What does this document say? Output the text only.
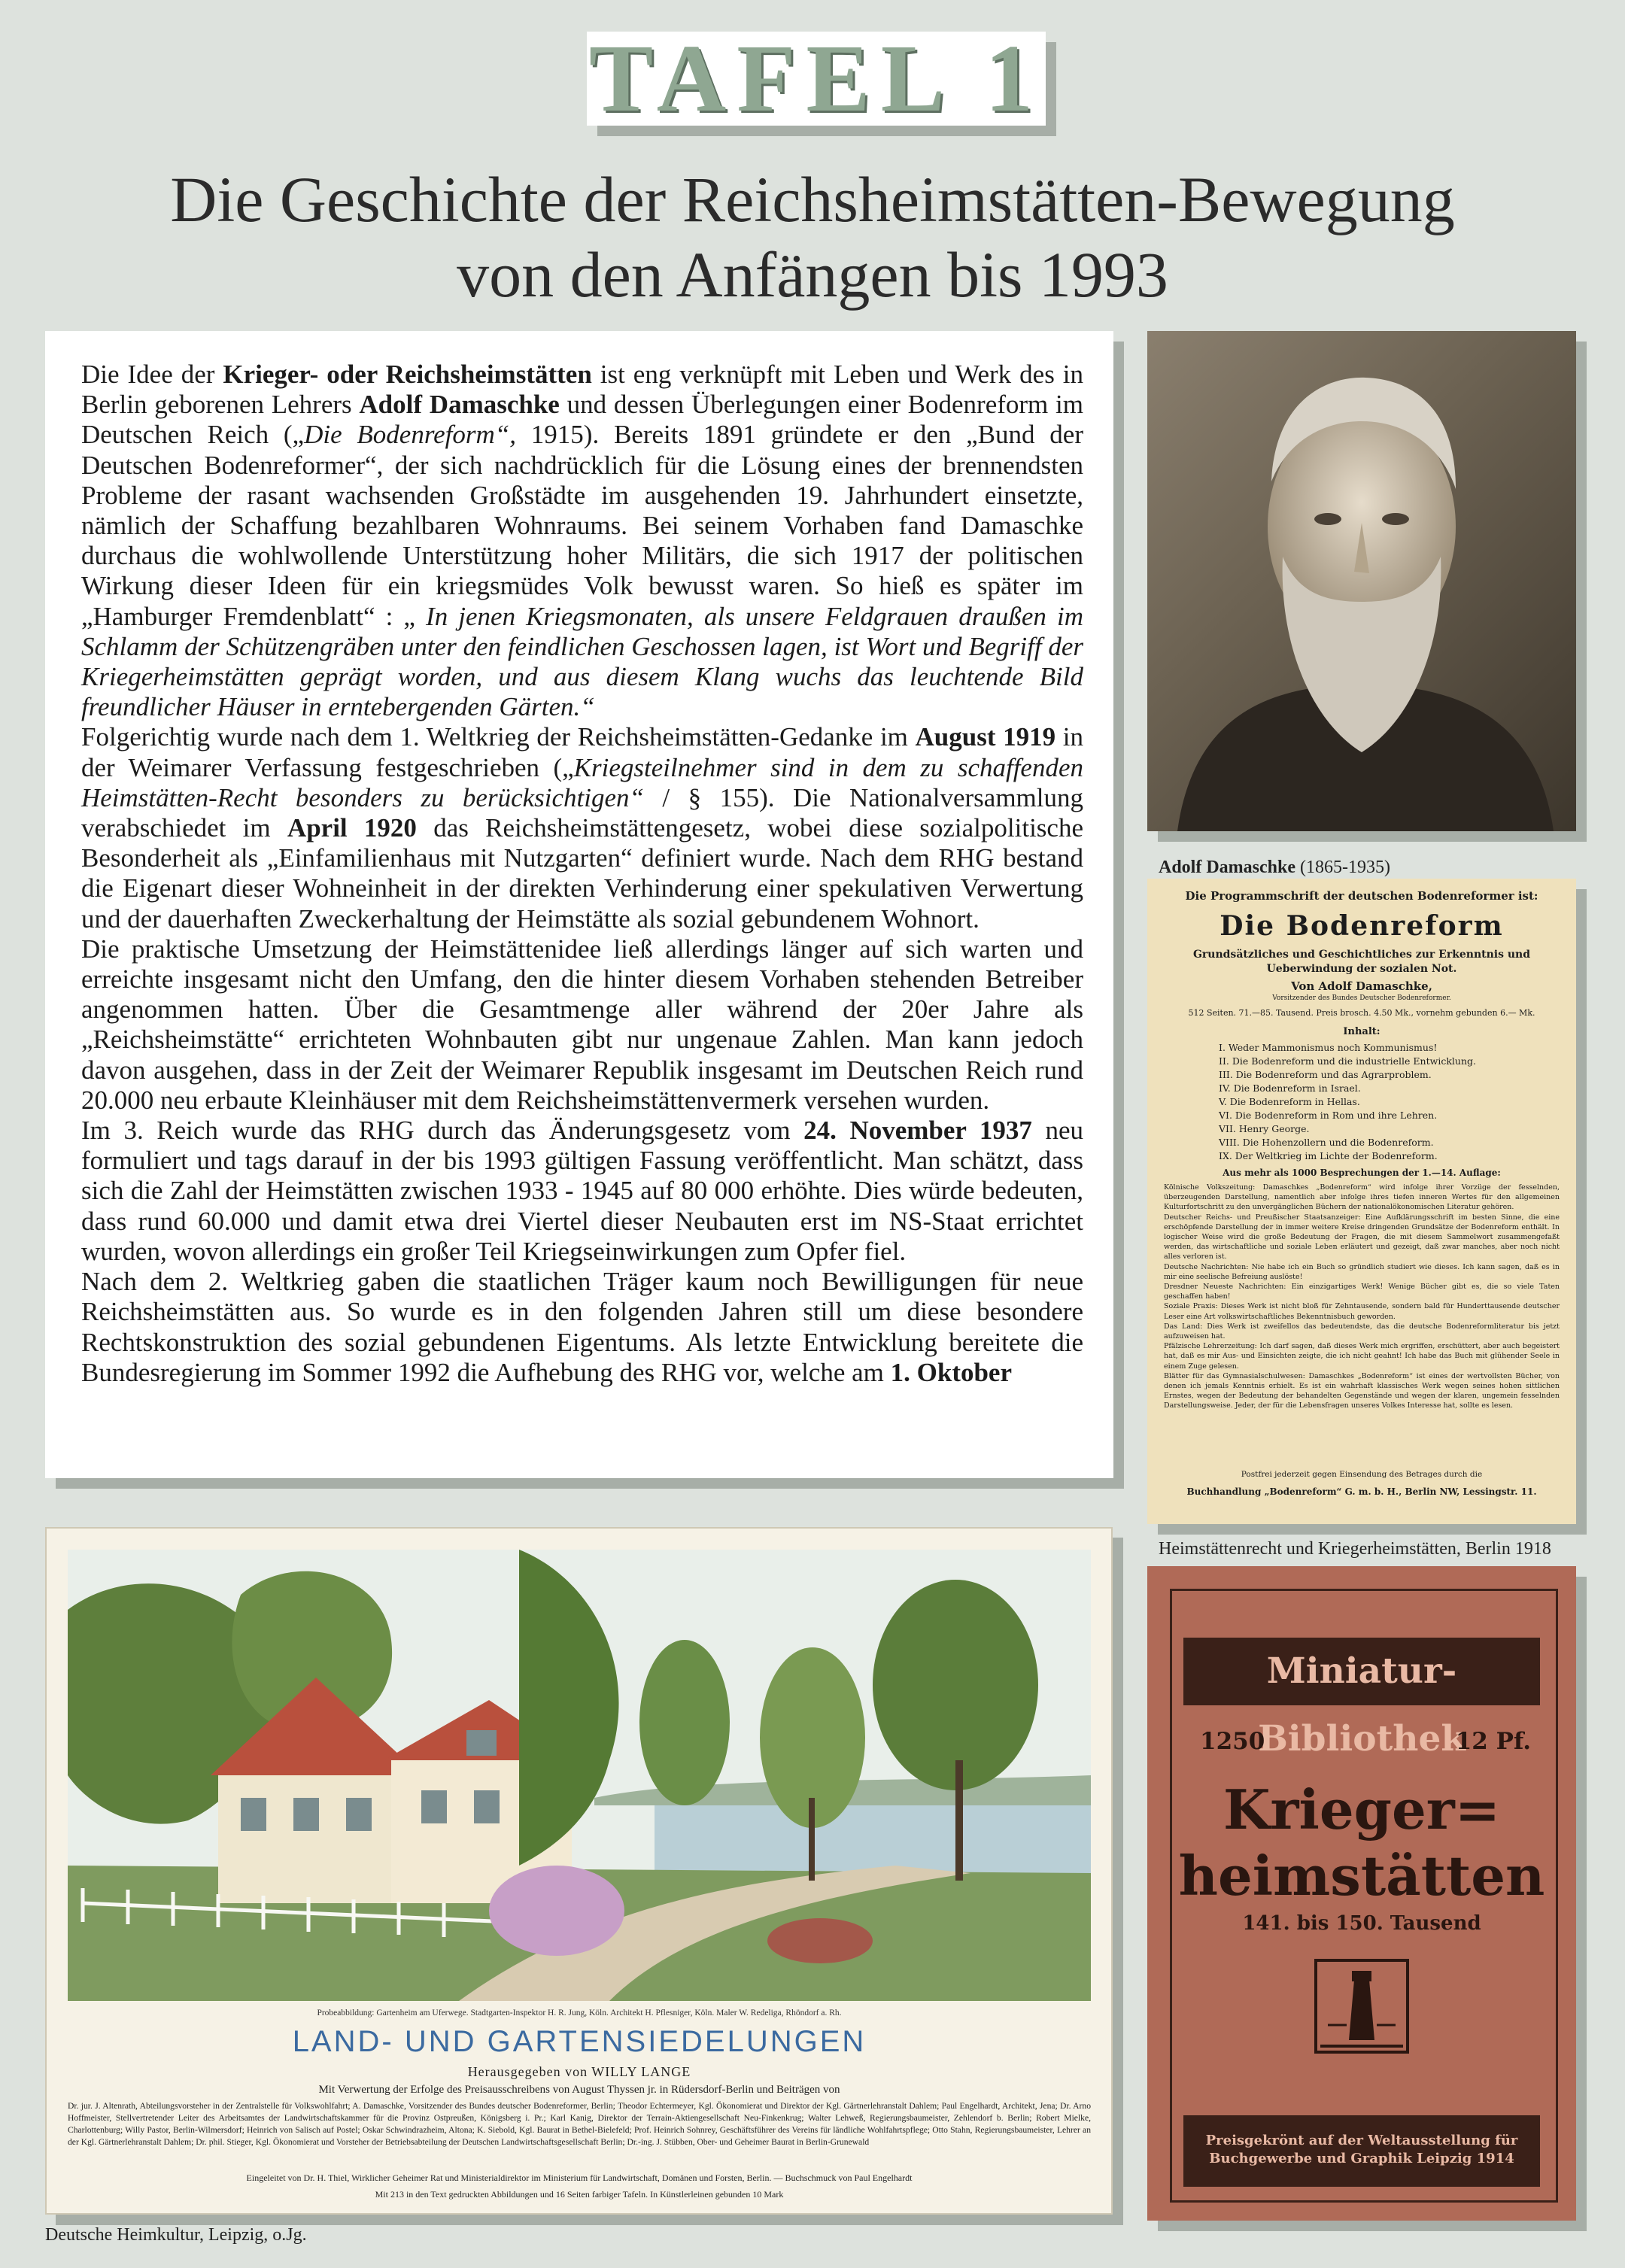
TAFEL 1
Die Geschichte der Reichsheimstätten-Bewegung
von den Anfängen bis 1993

Die Idee der Krieger- oder Reichsheimstätten ist eng verknüpft mit Leben und Werk des in Berlin geborenen Lehrers Adolf Damaschke und dessen Überlegungen einer Bodenreform im Deutschen Reich („Die Bodenreform“, 1915). Bereits 1891 gründete er den „Bund der Deutschen Bodenreformer“, der sich nachdrücklich für die Lösung eines der brennendsten Probleme der rasant wachsenden Großstädte im ausgehenden 19. Jahrhundert einsetzte, nämlich der Schaffung bezahlbaren Wohnraums. Bei seinem Vorhaben fand Damaschke durchaus die wohlwollende Unterstützung hoher Militärs, die sich 1917 der politischen Wirkung dieser Ideen für ein kriegsmüdes Volk bewusst waren. So hieß es später im „Hamburger Fremdenblatt“ : „ In jenen Kriegsmonaten, als unsere Feldgrauen draußen im Schlamm der Schützengräben unter den feindlichen Geschossen lagen, ist Wort und Begriff der Kriegerheimstätten geprägt worden, und aus diesem Klang wuchs das leuchtende Bild freundlicher Häuser in erntebergenden Gärten.“

Folgerichtig wurde nach dem 1. Weltkrieg der Reichsheimstätten-Gedanke im August 1919 in der Weimarer Verfassung festgeschrieben („Kriegsteilnehmer sind in dem zu schaffenden Heimstätten-Recht besonders zu berücksichtigen“ / § 155). Die Nationalversammlung verabschiedet im April 1920 das Reichsheimstättengesetz, wobei diese sozialpolitische Besonderheit als „Einfamilienhaus mit Nutzgarten“ definiert wurde. Nach dem RHG bestand die Eigenart dieser Wohneinheit in der direkten Verhinderung einer spekulativen Verwertung und der dauerhaften Zweckerhaltung der Heimstätte als sozial gebundenem Wohnort.

Die praktische Umsetzung der Heimstättenidee ließ allerdings länger auf sich warten und erreichte insgesamt nicht den Umfang, den die hinter diesem Vorhaben stehenden Betreiber angenommen hatten. Über die Gesamtmenge aller während der 20er Jahre als „Reichsheimstätte“ errichteten Wohnbauten gibt nur ungenaue Zahlen. Man kann jedoch davon ausgehen, dass in der Zeit der Weimarer Republik insgesamt im Deutschen Reich rund 20.000 neu erbaute Kleinhäuser mit dem Reichsheimstättenvermerk versehen wurden.

Im 3. Reich wurde das RHG durch das Änderungsgesetz vom 24. November 1937 neu formuliert und tags darauf in der bis 1993 gültigen Fassung veröffentlicht. Man schätzt, dass sich die Zahl der Heimstätten zwischen 1933 - 1945 auf 80 000 erhöhte. Dies würde bedeuten, dass rund 60.000 und damit etwa drei Viertel dieser Neubauten erst im NS-Staat errichtet wurden, wovon allerdings ein großer Teil Kriegseinwirkungen zum Opfer fiel.

Nach dem 2. Weltkrieg gaben die staatlichen Träger kaum noch Bewilligungen für neue Reichsheimstätten aus. So wurde es in den folgenden Jahren still um diese besondere Rechtskonstruktion des sozial gebundenen Eigentums. Als letzte Entwicklung bereitete die Bundesregierung im Sommer 1992 die Aufhebung des RHG vor, welche am 1. Oktober

Adolf Damaschke (1865-1935)
Die Programmschrift der deutschen Bodenreformer ist:
Die Bodenreform
Grundsätzliches und Geschichtliches zur Erkenntnis und Ueberwindung der sozialen Not.
Von Adolf Damaschke,
Vorsitzender des Bundes Deutscher Bodenreformer.
512 Seiten. 71.—85. Tausend. Preis brosch. 4.50 Mk., vornehm gebunden 6.— Mk.
Inhalt:
I. Weder Mammonismus noch Kommunismus!
II. Die Bodenreform und die industrielle Entwicklung.
III. Die Bodenreform und das Agrarproblem.
IV. Die Bodenreform in Israel.
V. Die Bodenreform in Hellas.
VI. Die Bodenreform in Rom und ihre Lehren.
VII. Henry George.
VIII. Die Hohenzollern und die Bodenreform.
IX. Der Weltkrieg im Lichte der Bodenreform.
Aus mehr als 1000 Besprechungen der 1.—14. Auflage:
Kölnische Volkszeitung: Damaschkes „Bodenreform“ wird infolge ihrer Vorzüge der fesselnden, überzeugenden Darstellung, namentlich aber infolge ihres tiefen inneren Wertes für den allgemeinen Kulturfortschritt zu den unvergänglichen Büchern der nationalökonomischen Literatur gehören.
Deutscher Reichs- und Preußischer Staatsanzeiger: Eine Aufklärungsschrift im besten Sinne, die eine erschöpfende Darstellung der in immer weitere Kreise dringenden Grundsätze der Bodenreform enthält. In logischer Weise wird die große Bedeutung der Fragen, die mit diesem Sammelwort zusammengefaßt werden, das wirtschaftliche und soziale Leben erläutert und gezeigt, daß zwar manches, aber noch nicht alles verloren ist.
Deutsche Nachrichten: Nie habe ich ein Buch so gründlich studiert wie dieses. Ich kann sagen, daß es in mir eine seelische Befreiung auslöste!
Dresdner Neueste Nachrichten: Ein einzigartiges Werk! Wenige Bücher gibt es, die so viele Taten geschaffen haben!
Soziale Praxis: Dieses Werk ist nicht bloß für Zehntausende, sondern bald für Hunderttausende deutscher Leser eine Art volkswirtschaftliches Bekenntnisbuch geworden.
Das Land: Dies Werk ist zweifellos das bedeutendste, das die deutsche Bodenreformliteratur bis jetzt aufzuweisen hat.
Pfälzische Lehrerzeitung: Ich darf sagen, daß dieses Werk mich ergriffen, erschüttert, aber auch begeistert hat, daß es mir Aus- und Einsichten zeigte, die ich nicht geahnt! Ich habe das Buch mit glühender Seele in einem Zuge gelesen.
Blätter für das Gymnasialschulwesen: Damaschkes „Bodenreform“ ist eines der wertvollsten Bücher, von denen ich jemals Kenntnis erhielt. Es ist ein wahrhaft klassisches Werk wegen seines hohen sittlichen Ernstes, wegen der Bedeutung der behandelten Gegenstände und wegen der klaren, ungemein fesselnden Darstellungsweise. Jeder, der für die Lebensfragen unseres Volkes Interesse hat, sollte es lesen.
Postfrei jederzeit gegen Einsendung des Betrages durch die
Buchhandlung „Bodenreform“ G. m. b. H., Berlin NW, Lessingstr. 11.
Heimstättenrecht und Kriegerheimstätten, Berlin 1918
Miniatur-Bibliothek
1250	12 Pf.
Krieger=
heimstätten
141. bis 150. Tausend
Preisgekrönt auf der Weltausstellung für Buchgewerbe und Graphik Leipzig 1914
Probeabbildung: Gartenheim am Uferwege. Stadtgarten-Inspektor H. R. Jung, Köln. Architekt H. Pflesniger, Köln. Maler W. Redeliga, Rhöndorf a. Rh.
LAND- UND GARTENSIEDELUNGEN
Herausgegeben von WILLY LANGE
Mit Verwertung der Erfolge des Preisausschreibens von August Thyssen jr. in Rüdersdorf-Berlin und Beiträgen von
Dr. jur. J. Altenrath, Abteilungsvorsteher in der Zentralstelle für Volkswohlfahrt; A. Damaschke, Vorsitzender des Bundes deutscher Bodenreformer, Berlin; Theodor Echtermeyer, Kgl. Ökonomierat und Direktor der Kgl. Gärtnerlehranstalt Dahlem; Paul Engelhardt, Architekt, Jena; Dr. Arno Hoffmeister, Stellvertretender Leiter des Arbeitsamtes der Landwirtschaftskammer für die Provinz Ostpreußen, Königsberg i. Pr.; Karl Kanig, Direktor der Terrain-Aktiengesellschaft Neu-Finkenkrug; Walter Lehweß, Regierungsbaumeister, Zehlendorf b. Berlin; Robert Mielke, Charlottenburg; Willy Pastor, Berlin-Wilmersdorf; Heinrich von Salisch auf Postel; Oskar Schwindrazheim, Altona; K. Siebold, Kgl. Baurat in Bethel-Bielefeld; Prof. Heinrich Sohnrey, Geschäftsführer des Vereins für ländliche Wohlfahrtspflege; Otto Stahn, Regierungsbaumeister, Lehrer an der Kgl. Gärtnerlehranstalt Dahlem; Dr. phil. Stieger, Kgl. Ökonomierat und Vorsteher der Betriebsabteilung der Deutschen Landwirtschaftsgesellschaft Berlin; Dr.-ing. J. Stübben, Ober- und Geheimer Baurat in Berlin-Grunewald
Eingeleitet von Dr. H. Thiel, Wirklicher Geheimer Rat und Ministerialdirektor im Ministerium für Landwirtschaft, Domänen und Forsten, Berlin. — Buchschmuck von Paul Engelhardt
Mit 213 in den Text gedruckten Abbildungen und 16 Seiten farbiger Tafeln. In Künstlerleinen gebunden 10 Mark
Deutsche Heimkultur, Leipzig, o.Jg.
